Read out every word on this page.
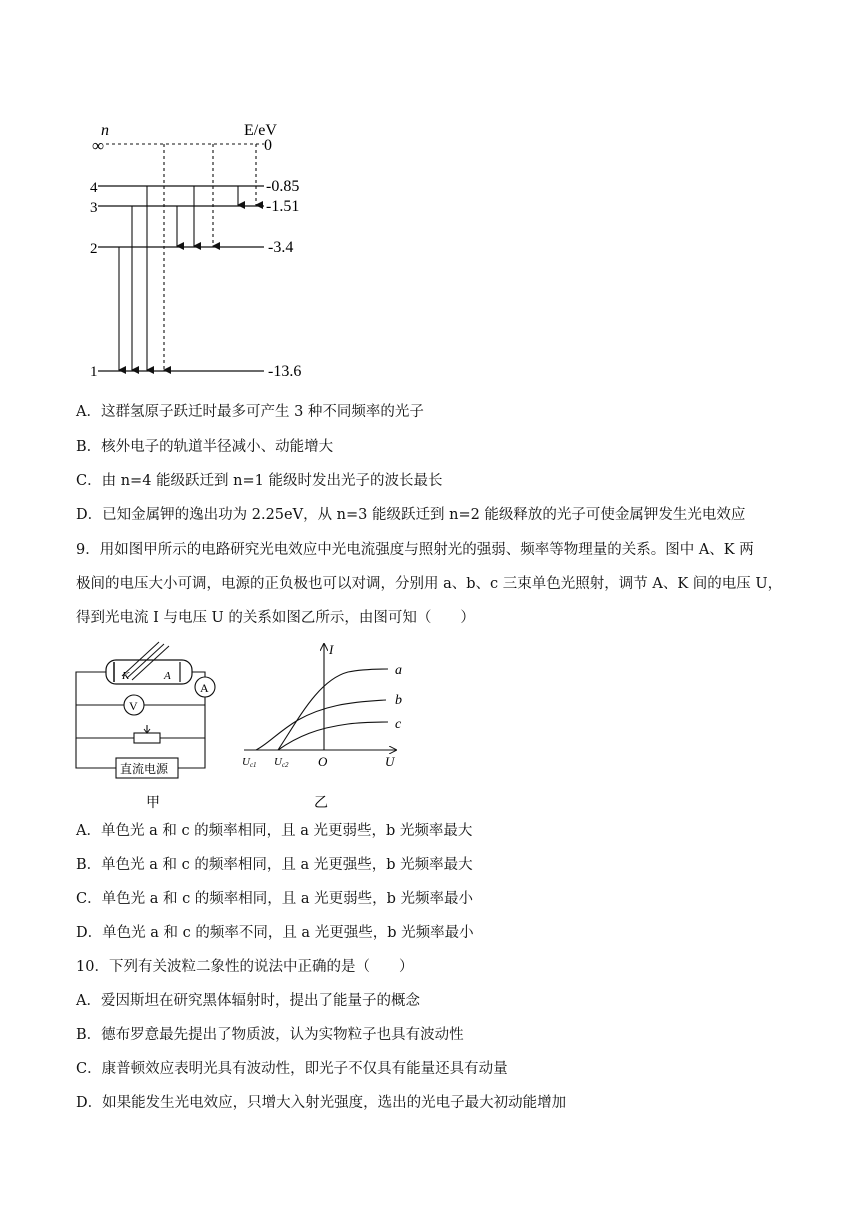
n	E/eV
∞
4
3
2
1
0
-0.85
-1.51
-3.4
-13.6
A．这群氢原子跃迁时最多可产生 3 种不同频率的光子
B．核外电子的轨道半径减小、动能增大
C．由 n=4 能级跃迁到 n=1 能级时发出光子的波长最长
D．已知金属钾的逸出功为 2.25eV，从 n=3 能级跃迁到 n=2 能级释放的光子可使金属钾发生光电效应
9．用如图甲所示的电路研究光电效应中光电流强度与照射光的强弱、频率等物理量的关系。图中 A、K 两
极间的电压大小可调，电源的正负极也可以对调，分别用 a、b、c 三束单色光照射，调节 A、K 间的电压 U，
得到光电流 I 与电压 U 的关系如图乙所示，由图可知（　　）
K	A
A
V
直流电源
甲
I
U
O
Uc1 Uc2
a
b
c
乙
A．单色光 a 和 c 的频率相同，且 a 光更弱些，b 光频率最大
B．单色光 a 和 c 的频率相同，且 a 光更强些，b 光频率最大
C．单色光 a 和 c 的频率相同，且 a 光更弱些，b 光频率最小
D．单色光 a 和 c 的频率不同，且 a 光更强些，b 光频率最小
10．下列有关波粒二象性的说法中正确的是（　　）
A．爱因斯坦在研究黑体辐射时，提出了能量子的概念
B．德布罗意最先提出了物质波，认为实物粒子也具有波动性
C．康普顿效应表明光具有波动性，即光子不仅具有能量还具有动量
D．如果能发生光电效应，只增大入射光强度，选出的光电子最大初动能增加
